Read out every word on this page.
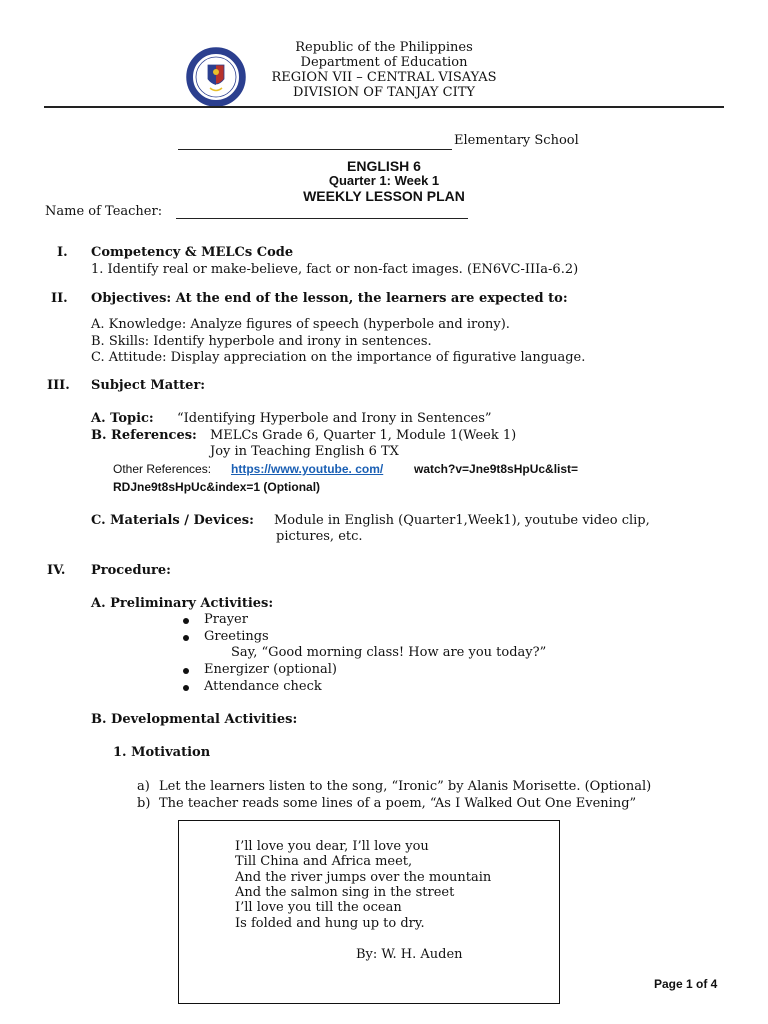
Republic of the Philippines
Department of Education
REGION VII – CENTRAL VISAYAS
DIVISION OF TANJAY CITY
Elementary School
ENGLISH 6
Quarter 1: Week 1
WEEKLY LESSON PLAN
Name of Teacher:
I. Competency & MELCs Code
1. Identify real or make-believe, fact or non-fact images. (EN6VC-IIIa-6.2)
II. Objectives: At the end of the lesson, the learners are expected to:
A. Knowledge: Analyze figures of speech (hyperbole and irony).
B. Skills: Identify hyperbole and irony in sentences.
C. Attitude: Display appreciation on the importance of figurative language.
III. Subject Matter:
A. Topic: “Identifying Hyperbole and Irony in Sentences”
B. References: MELCs Grade 6, Quarter 1, Module 1(Week 1)
Joy in Teaching English 6 TX
Other References: https://www.youtube. com/	watch?v=Jne9t8sHpUc&list=
RDJne9t8sHpUc&index=1 (Optional)
C. Materials / Devices: Module in English (Quarter1,Week1), youtube video clip,
pictures, etc.
IV. Procedure:
A. Preliminary Activities:
Prayer
Greetings
Say, “Good morning class! How are you today?”
Energizer (optional)
Attendance check
B. Developmental Activities:
1. Motivation
a) Let the learners listen to the song, “Ironic” by Alanis Morisette. (Optional)
b) The teacher reads some lines of a poem, “As I Walked Out One Evening”
I’ll love you dear, I’ll love you
Till China and Africa meet,
And the river jumps over the mountain
And the salmon sing in the street
I’ll love you till the ocean
Is folded and hung up to dry.
By: W. H. Auden
Page 1 of 4
